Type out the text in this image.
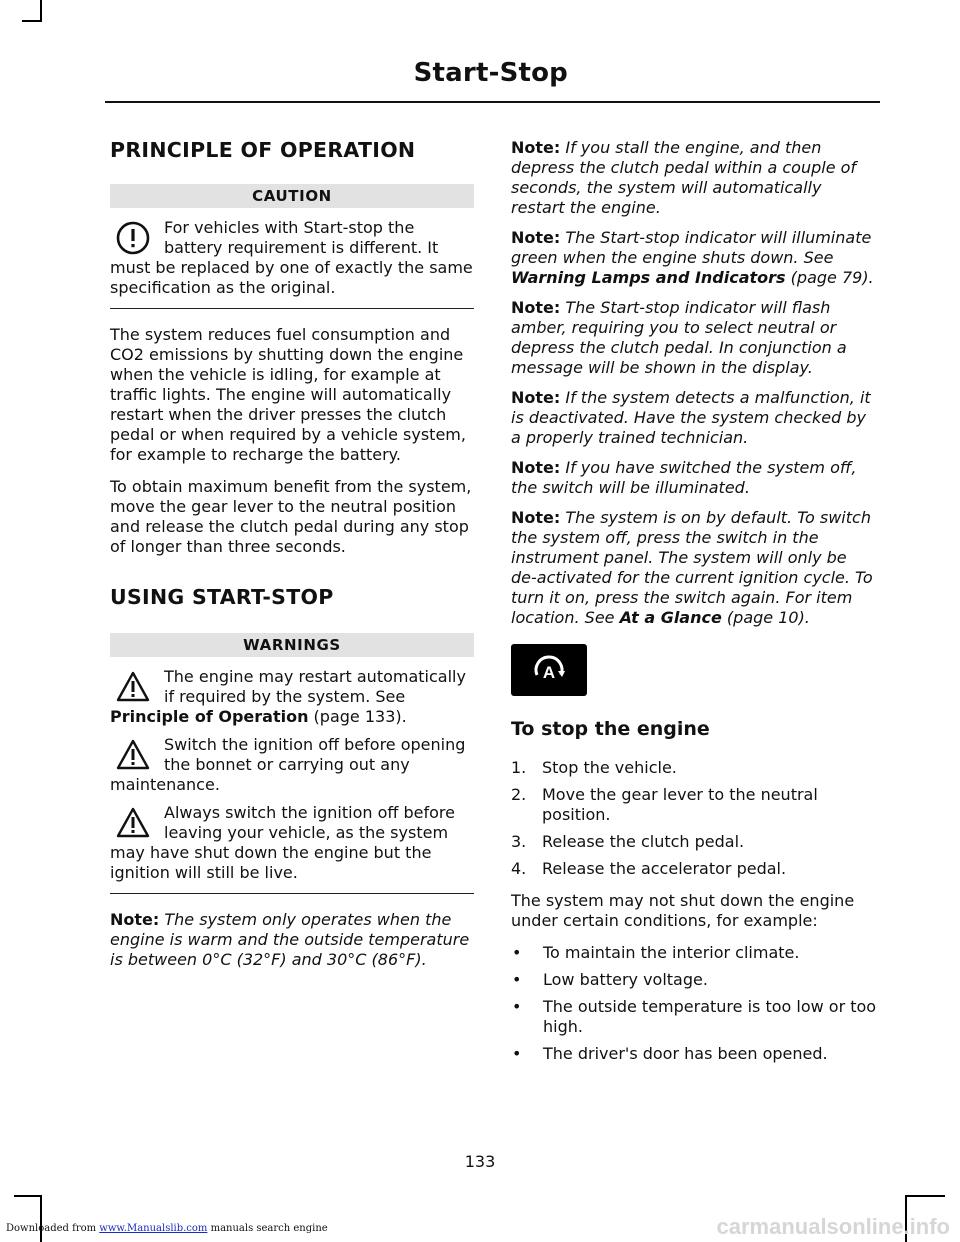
Start-Stop
PRINCIPLE OF OPERATION
CAUTION
For vehicles with Start-stop the battery requirement is different. It must be replaced by one of exactly the same specification as the original.

The system reduces fuel consumption and CO2 emissions by shutting down the engine when the vehicle is idling, for example at traffic lights. The engine will automatically restart when the driver presses the clutch pedal or when required by a vehicle system, for example to recharge the battery.

To obtain maximum benefit from the system, move the gear lever to the neutral position and release the clutch pedal during any stop of longer than three seconds.

USING START-STOP
WARNINGS
The engine may restart automatically if required by the system. See Principle of Operation (page 133).
Switch the ignition off before opening the bonnet or carrying out any maintenance.
Always switch the ignition off before leaving your vehicle, as the system may have shut down the engine but the ignition will still be live.

Note: The system only operates when the engine is warm and the outside temperature is between 0°C (32°F) and 30°C (86°F).

Note: If you stall the engine, and then depress the clutch pedal within a couple of seconds, the system will automatically restart the engine.

Note: The Start-stop indicator will illuminate green when the engine shuts down. See Warning Lamps and Indicators (page 79).

Note: The Start-stop indicator will flash amber, requiring you to select neutral or depress the clutch pedal. In conjunction a message will be shown in the display.

Note: If the system detects a malfunction, it is deactivated. Have the system checked by a properly trained technician.

Note: If you have switched the system off, the switch will be illuminated.

Note: The system is on by default. To switch the system off, press the switch in the instrument panel. The system will only be de-activated for the current ignition cycle. To turn it on, press the switch again. For item location. See At a Glance (page 10).

A
To stop the engine
1. Stop the vehicle.
2. Move the gear lever to the neutral position.
3. Release the clutch pedal.
4. Release the accelerator pedal.

The system may not shut down the engine under certain conditions, for example:

•	To maintain the interior climate.
•	Low battery voltage.
•	The outside temperature is too low or too high.
•	The driver's door has been opened.
133
Downloaded from www.Manualslib.com manuals search engine	carmanualsonline.info
